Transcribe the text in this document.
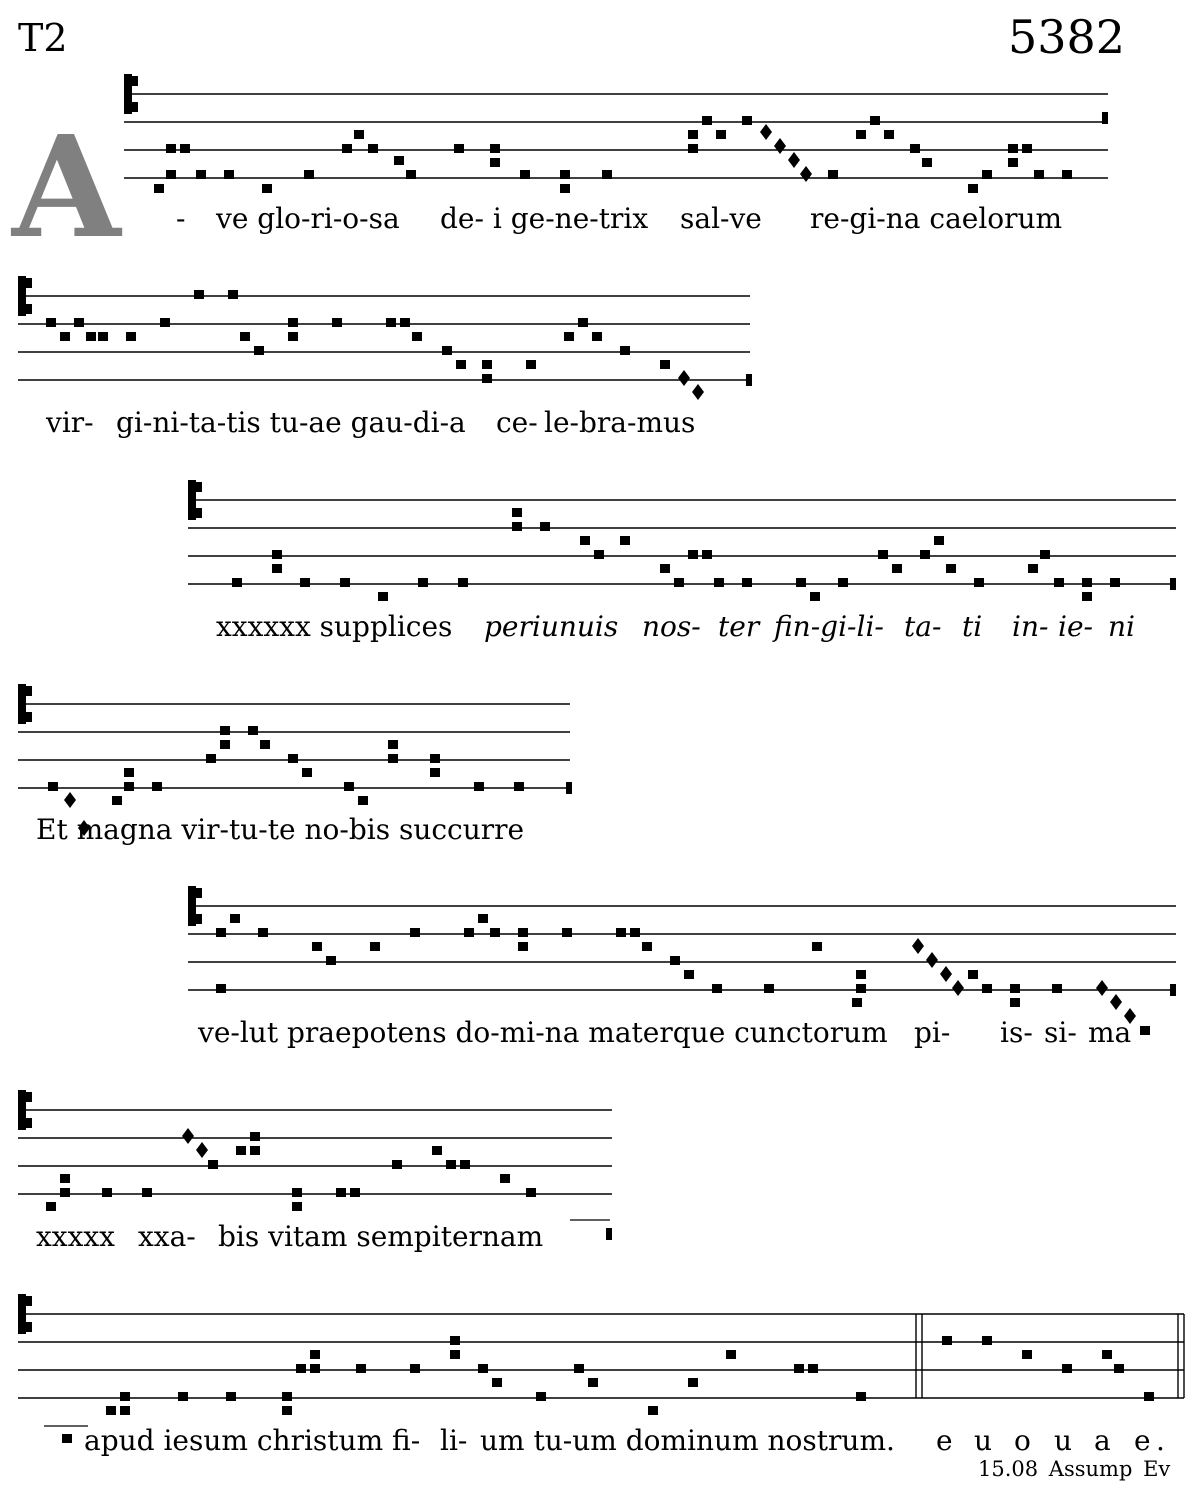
T2	5382
A - ve glo-ri-o-sa de- i ge-ne-trix sal-ve re-gi-na caelorum
vir- gi-ni-ta-tis tu-ae gau-di-a ce- le-bra-mus
xxxxxx supplices periunuis nos- ter fin-gi-li- ta- ti in- ie- ni
Et magna vir-tu-te no-bis succurre
ve-lut praepotens do-mi-na materque cunctorum pi- is- si- ma
xxxxx xxa- bis vitam sempiternam
apud iesum christum fi- li- um tu-um dominum nostrum. e u o u a e .
15.08 Assump Ev
